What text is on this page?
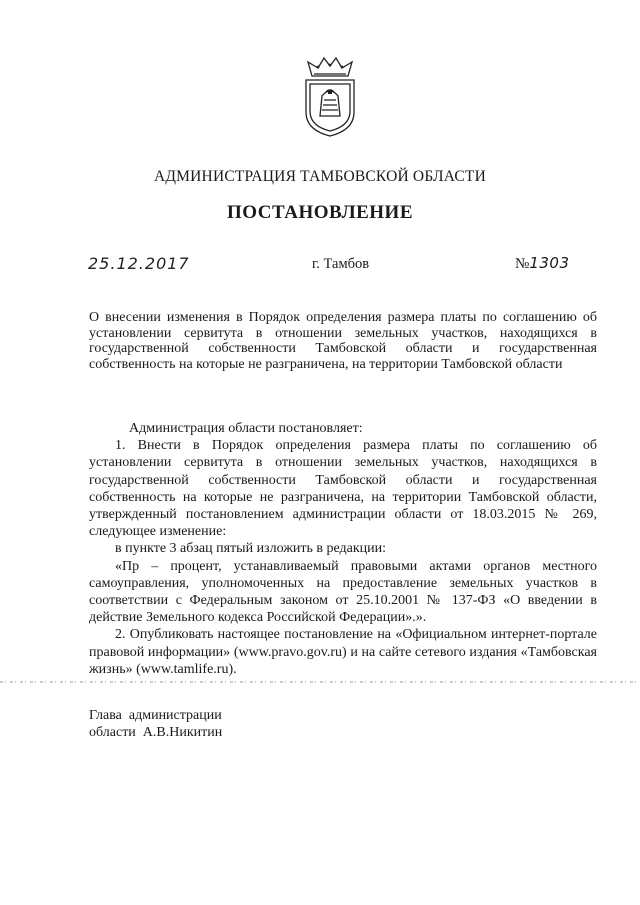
АДМИНИСТРАЦИЯ ТАМБОВСКОЙ ОБЛАСТИ
ПОСТАНОВЛЕНИЕ
25.12.2017	г. Тамбов	№1303
О внесении изменения в Порядок определения размера платы по соглашению об установлении сервитута в отношении земельных участков, находящихся в государственной собственности Тамбовской области и государственная собственность на которые не разграничена, на территории Тамбовской области

Администрация области постановляет:

1. Внести в Порядок определения размера платы по соглашению об установлении сервитута в отношении земельных участков, находящихся в государственной собственности Тамбовской области и государственная собственность на которые не разграничена, на территории Тамбовской области, утвержденный постановлением администрации области от 18.03.2015 № 269, следующее изменение:

в пункте 3 абзац пятый изложить в редакции:

«Пр – процент, устанавливаемый правовыми актами органов местного самоуправления, уполномоченных на предоставление земельных участков в соответствии с Федеральным законом от 25.10.2001 № 137-ФЗ «О введении в действие Земельного кодекса Российской Федерации».».

2. Опубликовать настоящее постановление на «Официальном интернет-портале правовой информации» (www.pravo.gov.ru) и на сайте сетевого издания «Тамбовская жизнь» (www.tamlife.ru).

Глава  администрации
области  А.В.Никитин
